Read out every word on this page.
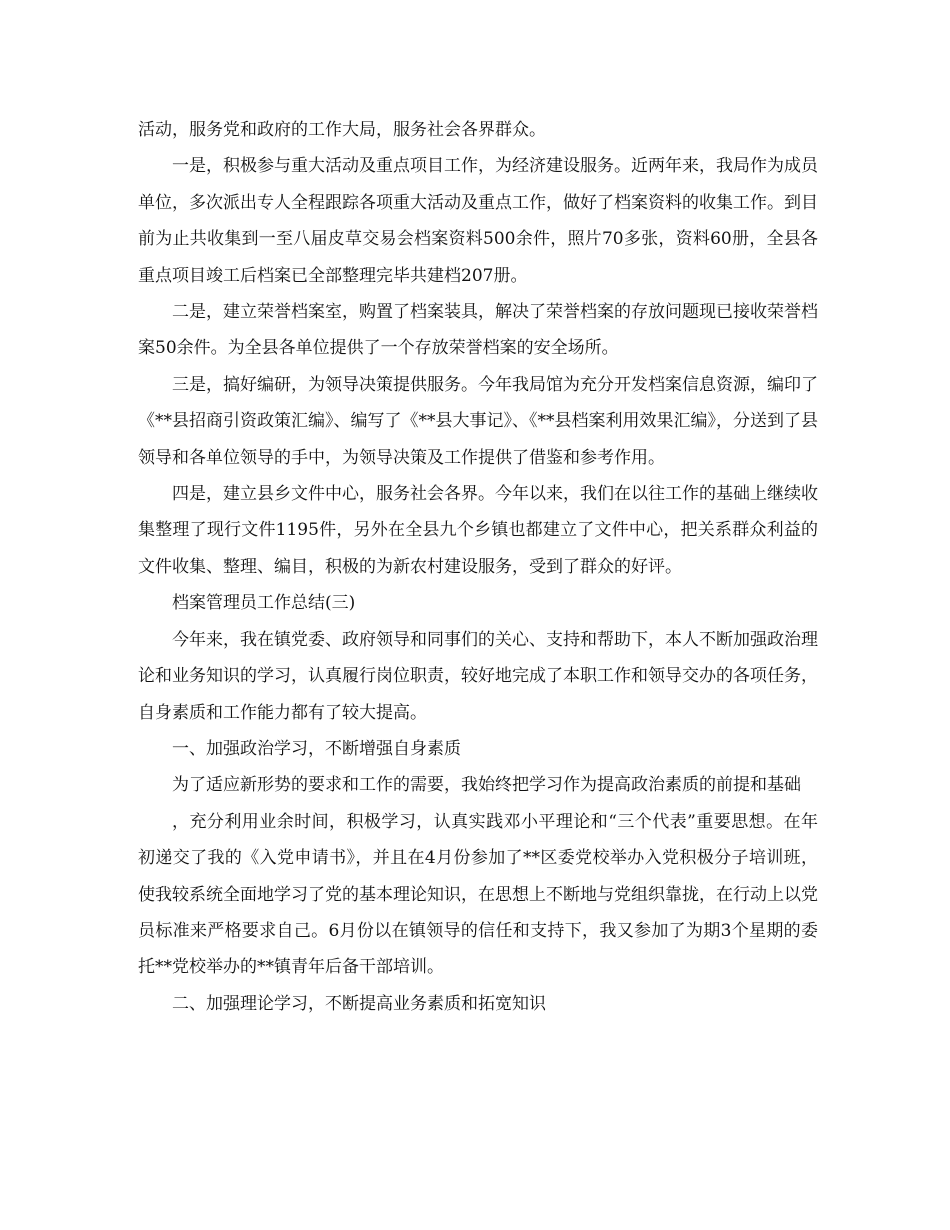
活动，服务党和政府的工作大局，服务社会各界群众。

一是，积极参与重大活动及重点项目工作，为经济建设服务。近两年来，我局作为成员单位，多次派出专人全程跟踪各项重大活动及重点工作，做好了档案资料的收集工作。到目前为止共收集到一至八届皮草交易会档案资料500余件，照片70多张，资料60册，全县各重点项目竣工后档案已全部整理完毕共建档207册。

二是，建立荣誉档案室，购置了档案装具，解决了荣誉档案的存放问题现已接收荣誉档案50余件。为全县各单位提供了一个存放荣誉档案的安全场所。

三是，搞好编研，为领导决策提供服务。今年我局馆为充分开发档案信息资源，编印了《**县招商引资政策汇编》、编写了《**县大事记》、《**县档案利用效果汇编》，分送到了县领导和各单位领导的手中，为领导决策及工作提供了借鉴和参考作用。

四是，建立县乡文件中心，服务社会各界。今年以来，我们在以往工作的基础上继续收集整理了现行文件1195件，另外在全县九个乡镇也都建立了文件中心，把关系群众利益的文件收集、整理、编目，积极的为新农村建设服务，受到了群众的好评。

档案管理员工作总结(三)

今年来，我在镇党委、政府领导和同事们的关心、支持和帮助下，本人不断加强政治理论和业务知识的学习，认真履行岗位职责，较好地完成了本职工作和领导交办的各项任务，自身素质和工作能力都有了较大提高。

一、加强政治学习，不断增强自身素质

为了适应新形势的要求和工作的需要，我始终把学习作为提高政治素质的前提和基础

，充分利用业余时间，积极学习，认真实践邓小平理论和“三个代表”重要思想。在年初递交了我的《入党申请书》，并且在4月份参加了**区委党校举办入党积极分子培训班，使我较系统全面地学习了党的基本理论知识，在思想上不断地与党组织靠拢，在行动上以党员标准来严格要求自己。6月份以在镇领导的信任和支持下，我又参加了为期3个星期的委托**党校举办的**镇青年后备干部培训。

二、加强理论学习，不断提高业务素质和拓宽知识
